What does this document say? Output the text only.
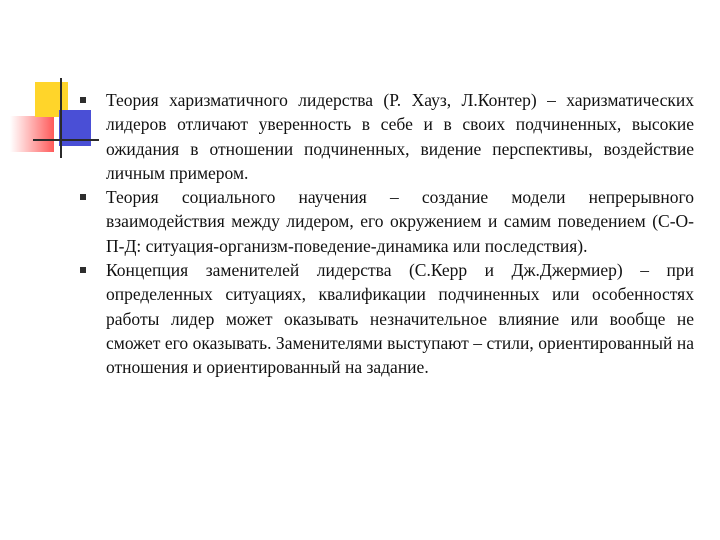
Теория харизматичного лидерства (Р. Хауз, Л.Контер) – харизматических лидеров отличают уверенность в себе и в своих подчиненных, высокие ожидания в отношении подчиненных, видение перспективы, воздействие личным примером.
Теория социального научения – создание модели непрерывного взаимодействия между лидером, его окружением и самим поведением (С-О-П-Д: ситуация-организм-поведение-динамика или последствия).
Концепция заменителей лидерства (С.Керр и Дж.Джермиер) – при определенных ситуациях, квалификации подчиненных или особенностях работы лидер может оказывать незначительное влияние или вообще не сможет его оказывать. Заменителями выступают – стили, ориентированный на отношения и ориентированный на задание.
